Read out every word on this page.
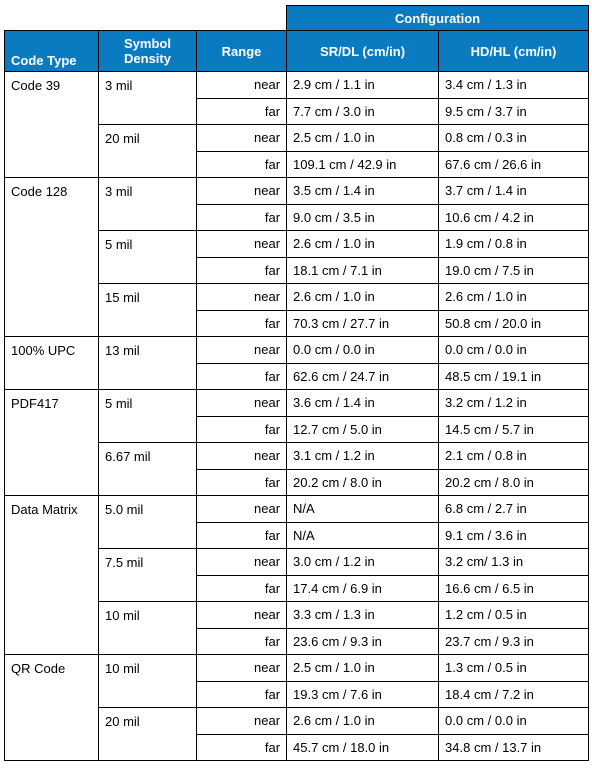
			Configuration	
Code Type	Symbol Density	Range	SR/DL (cm/in)	HD/HL (cm/in)
Code 39	3 mil	near	2.9 cm / 1.1 in	3.4 cm / 1.3 in
		far	7.7 cm / 3.0 in	9.5 cm / 3.7 in
	20 mil	near	2.5 cm / 1.0 in	0.8 cm / 0.3 in
		far	109.1 cm / 42.9 in	67.6 cm / 26.6 in
Code 128	3 mil	near	3.5 cm / 1.4 in	3.7 cm / 1.4 in
		far	9.0 cm / 3.5 in	10.6 cm / 4.2 in
	5 mil	near	2.6 cm / 1.0 in	1.9 cm / 0.8 in
		far	18.1 cm / 7.1 in	19.0 cm / 7.5 in
	15 mil	near	2.6 cm / 1.0 in	2.6 cm / 1.0 in
		far	70.3 cm / 27.7 in	50.8 cm / 20.0 in
100% UPC	13 mil	near	0.0 cm / 0.0 in	0.0 cm / 0.0 in
		far	62.6 cm / 24.7 in	48.5 cm / 19.1 in
PDF417	5 mil	near	3.6 cm / 1.4 in	3.2 cm / 1.2 in
		far	12.7 cm / 5.0 in	14.5 cm / 5.7 in
	6.67 mil	near	3.1 cm / 1.2 in	2.1 cm / 0.8 in
		far	20.2 cm / 8.0 in	20.2 cm / 8.0 in
Data Matrix	5.0 mil	near	N/A	6.8 cm / 2.7 in
		far	N/A	9.1 cm / 3.6 in
	7.5 mil	near	3.0 cm / 1.2 in	3.2 cm/ 1.3 in
		far	17.4 cm / 6.9 in	16.6 cm / 6.5 in
	10 mil	near	3.3 cm / 1.3 in	1.2 cm / 0.5 in
		far	23.6 cm / 9.3 in	23.7 cm / 9.3 in
QR Code	10 mil	near	2.5 cm / 1.0 in	1.3 cm / 0.5 in
		far	19.3 cm / 7.6 in	18.4 cm / 7.2 in
	20 mil	near	2.6 cm / 1.0 in	0.0 cm / 0.0 in
		far	45.7 cm / 18.0 in	34.8 cm / 13.7 in
